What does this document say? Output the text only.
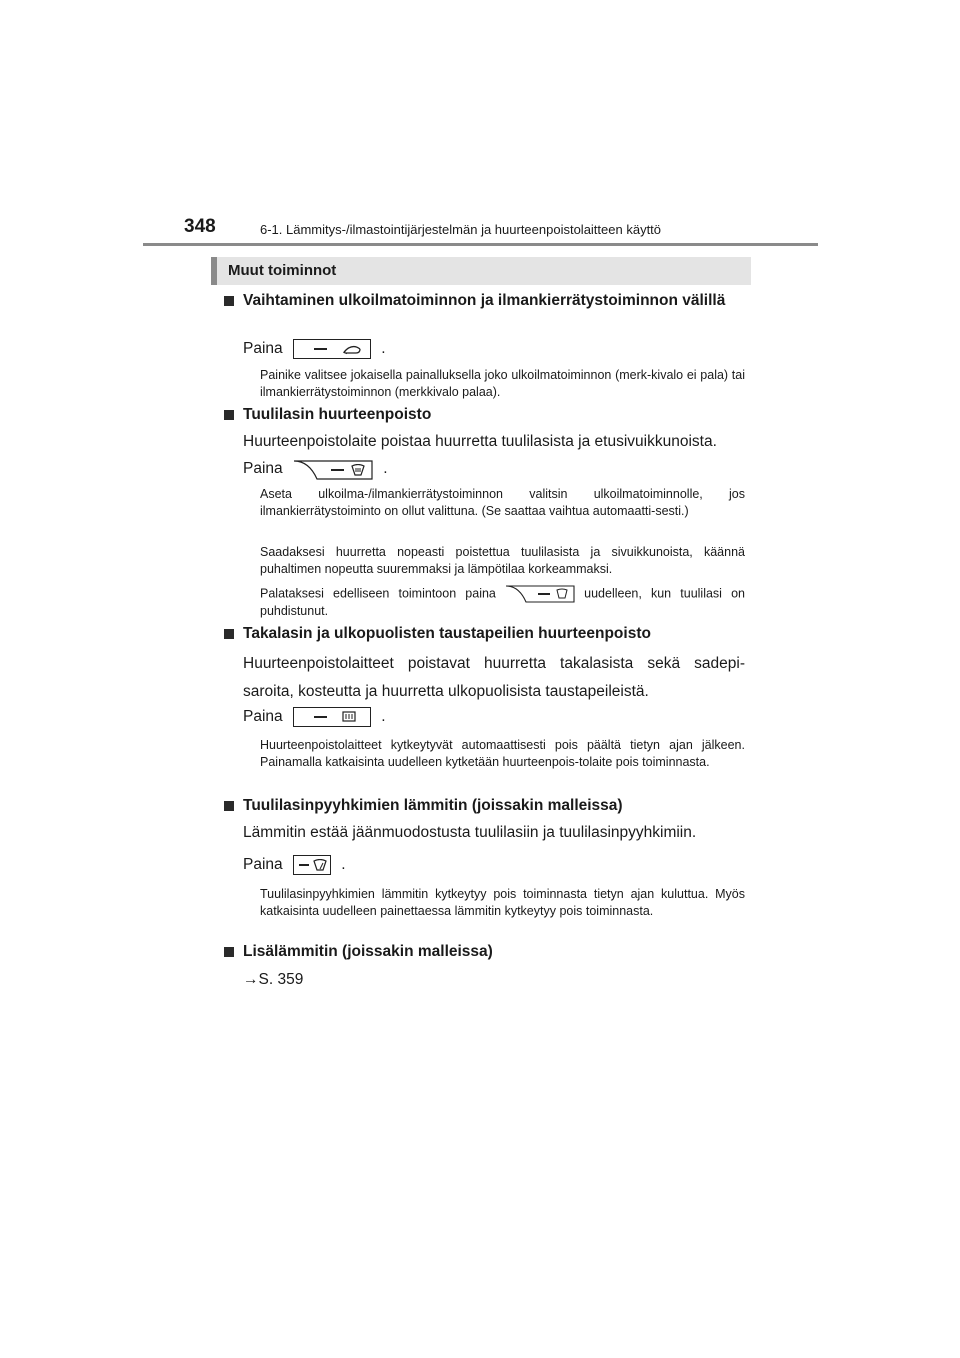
348	6-1. Lämmitys-/ilmastointijärjestelmän ja huurteenpoistolaitteen käyttö
Muut toiminnot
Vaihtaminen ulkoilmatoiminnon ja ilmankierrätystoiminnon välillä
Paina	.
Painike valitsee jokaisella painalluksella joko ulkoilmatoiminnon (merk-kivalo ei pala) tai ilmankierrätystoiminnon (merkkivalo palaa).
Tuulilasin huurteenpoisto
Huurteenpoistolaite poistaa huurretta tuulilasista ja etusivuikkunoista.
Paina	.
Aseta ulkoilma-/ilmankierrätystoiminnon valitsin ulkoilmatoiminnolle, jos ilmankierrätystoiminto on ollut valittuna. (Se saattaa vaihtua automaatti-sesti.)
Saadaksesi huurretta nopeasti poistettua tuulilasista ja sivuikkunoista, käännä puhaltimen nopeutta suuremmaksi ja lämpötilaa korkeammaksi.
Palataksesi edelliseen toimintoon paina	uudelleen, kun tuulilasi on puhdistunut.
Takalasin ja ulkopuolisten taustapeilien huurteenpoisto
Huurteenpoistolaitteet poistavat huurretta takalasista sekä sadepi-saroita, kosteutta ja huurretta ulkopuolisista taustapeileistä.
Paina	.
Huurteenpoistolaitteet kytkeytyvät automaattisesti pois päältä tietyn ajan jälkeen. Painamalla katkaisinta uudelleen kytketään huurteenpois-tolaite pois toiminnasta.
Tuulilasinpyyhkimien lämmitin (joissakin malleissa)
Lämmitin estää jäänmuodostusta tuulilasiin ja tuulilasinpyyhkimiin.
Paina	.
Tuulilasinpyyhkimien lämmitin kytkeytyy pois toiminnasta tietyn ajan kuluttua. Myös katkaisinta uudelleen painettaessa lämmitin kytkeytyy pois toiminnasta.
Lisälämmitin (joissakin malleissa)
→S. 359
